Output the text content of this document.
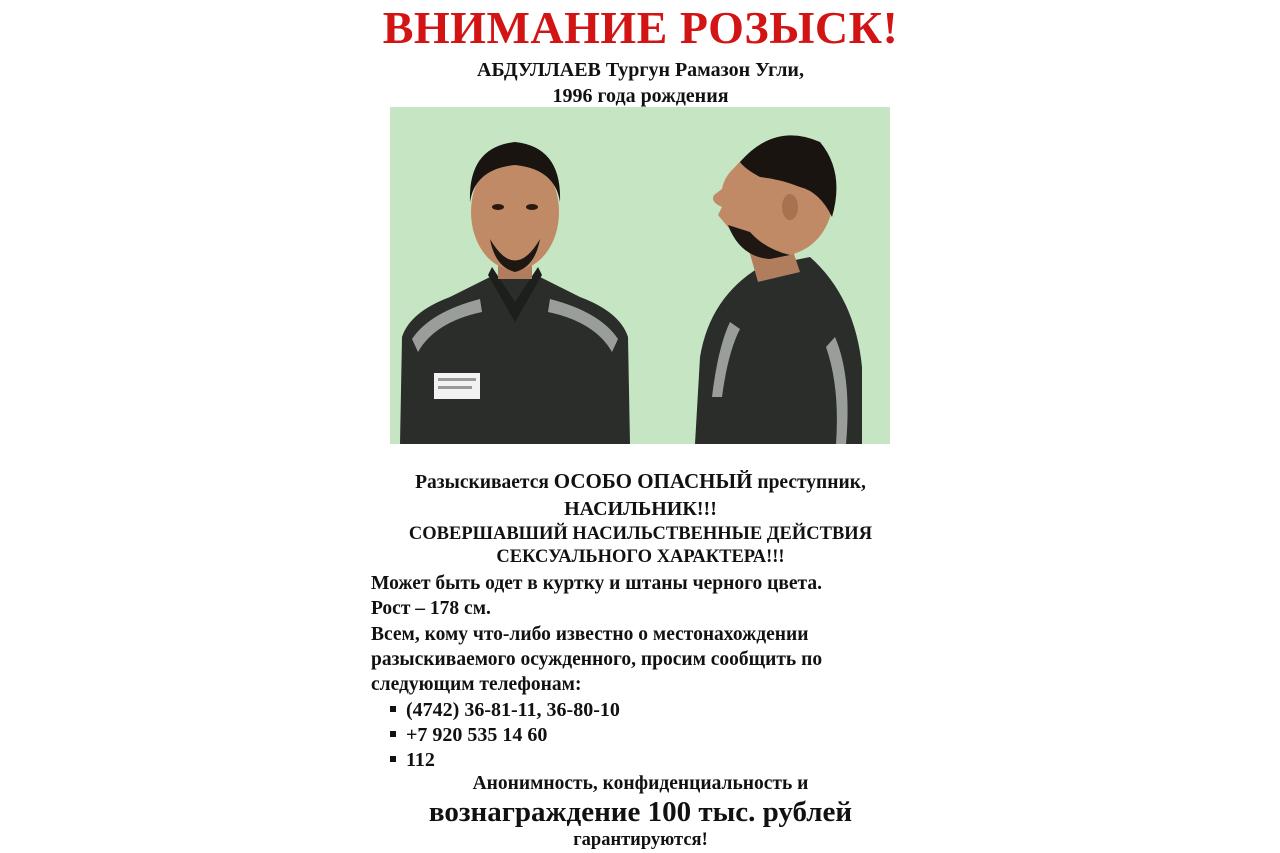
ВНИМАНИЕ РОЗЫСК!
АБДУЛЛАЕВ Тургун Рамазон Угли,
1996 года рождения
Разыскивается ОСОБО ОПАСНЫЙ преступник,
НАСИЛЬНИК!!!
СОВЕРШАВШИЙ НАСИЛЬСТВЕННЫЕ ДЕЙСТВИЯ
СЕКСУАЛЬНОГО ХАРАКТЕРА!!!
Может быть одет в куртку и штаны черного цвета.
Рост – 178 см.
Всем, кому что-либо известно о местонахождении
разыскиваемого осужденного, просим сообщить по
следующим телефонам:
(4742) 36-81-11, 36-80-10
+7 920 535 14 60
112
Анонимность, конфиденциальность и
вознаграждение 100 тыс. рублей
гарантируются!
